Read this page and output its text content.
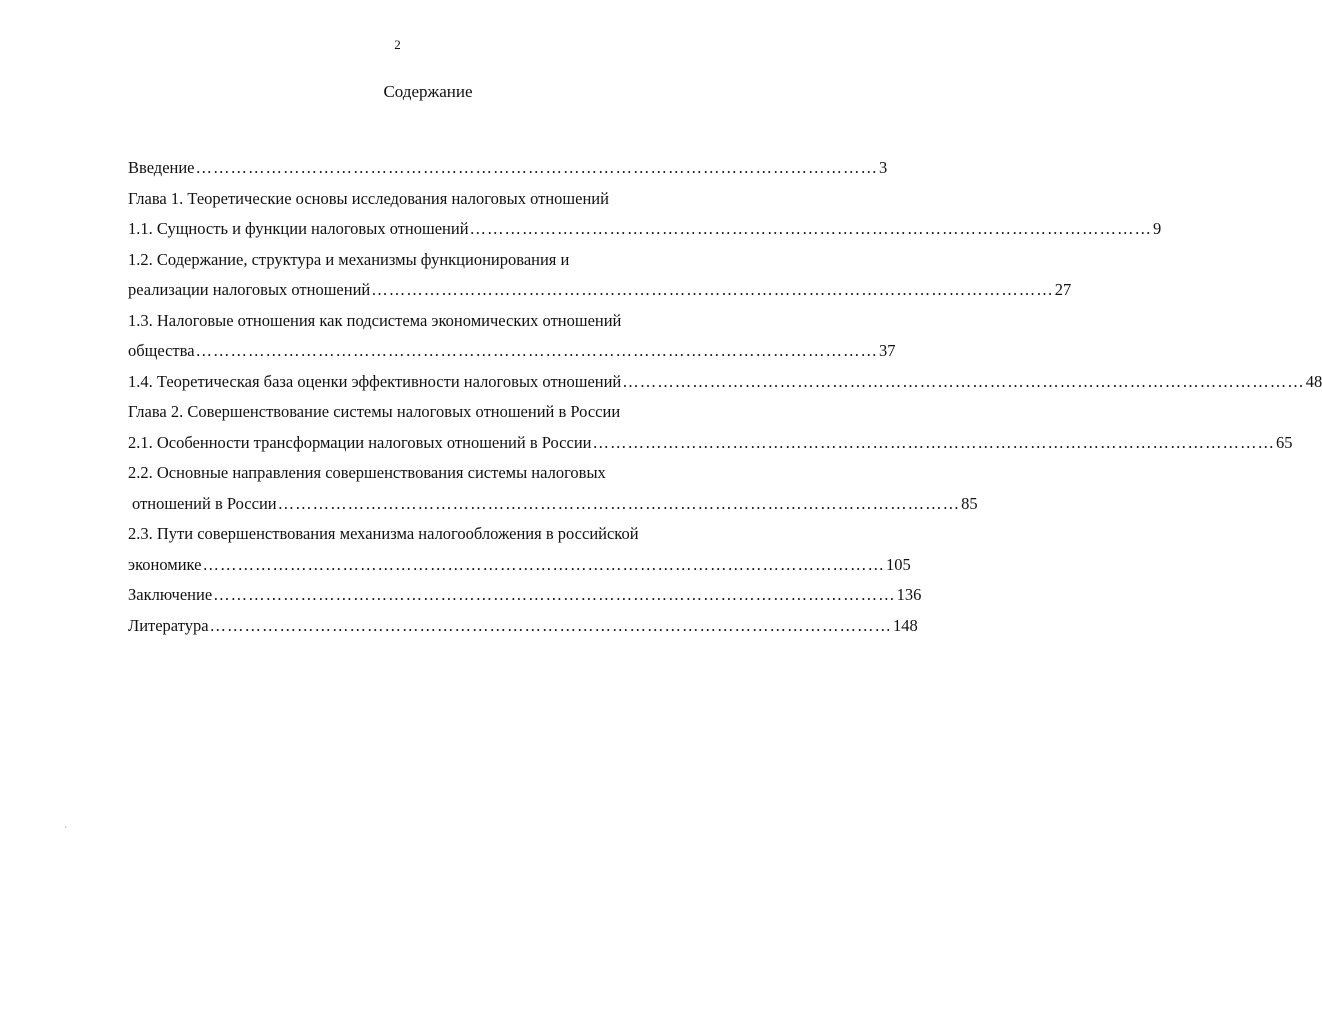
2
Содержание
Введение ……………………………………………………………………………………………………… 3
Глава 1. Теоретические основы исследования налоговых отношений
1.1. Сущность и функции налоговых отношений ……………………………………………………………………………………………………… 9
1.2. Содержание, структура и механизмы функционирования и
реализации налоговых отношений ……………………………………………………………………………………………………… 27
1.3. Налоговые отношения как подсистема экономических отношений
общества ……………………………………………………………………………………………………… 37
1.4. Теоретическая база оценки эффективности налоговых отношений ……………………………………………………………………………………………………… 48
Глава 2. Совершенствование системы налоговых отношений в России
2.1. Особенности трансформации налоговых отношений в России ……………………………………………………………………………………………………… 65
2.2. Основные направления совершенствования системы налоговых
отношений в России ……………………………………………………………………………………………………… 85
2.3. Пути совершенствования механизма налогообложения в российской
экономике ……………………………………………………………………………………………………… 105
Заключение ……………………………………………………………………………………………………… 136
Литература ……………………………………………………………………………………………………… 148
`
